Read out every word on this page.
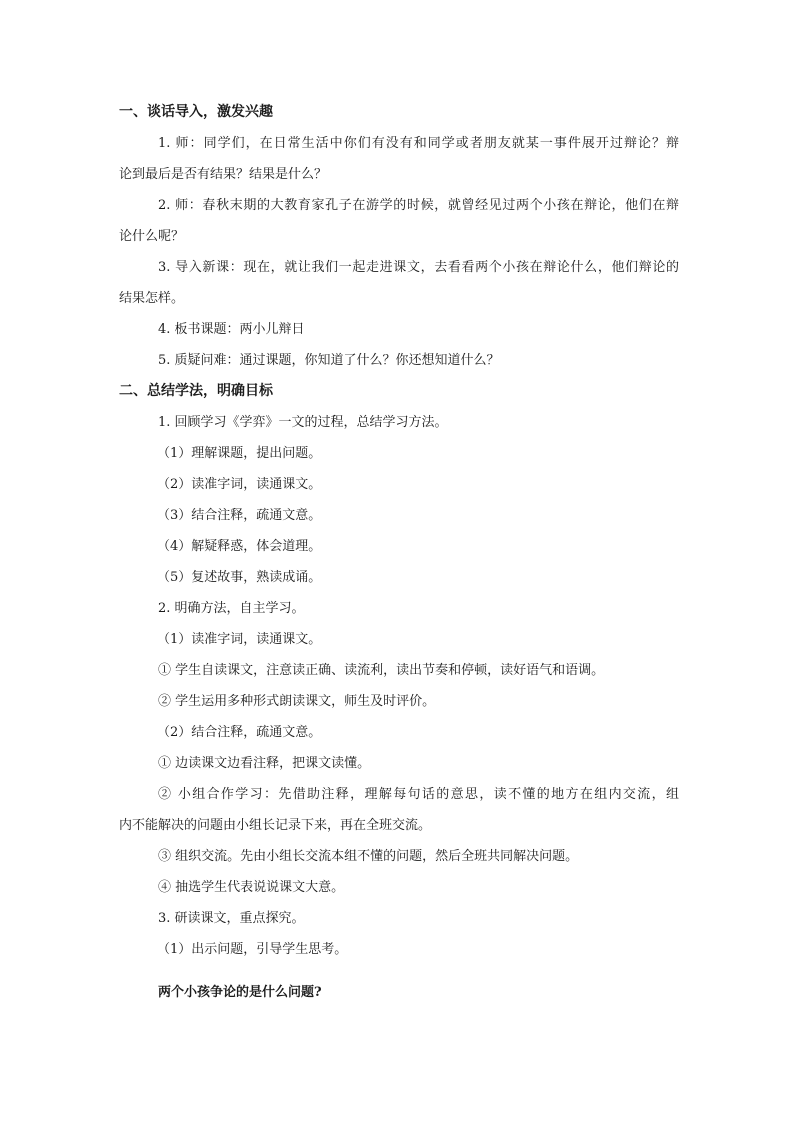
一、谈话导入，激发兴趣
1. 师：同学们，在日常生活中你们有没有和同学或者朋友就某一事件展开过辩论？辩
论到最后是否有结果？结果是什么？
2. 师：春秋末期的大教育家孔子在游学的时候，就曾经见过两个小孩在辩论，他们在辩
论什么呢？
3. 导入新课：现在，就让我们一起走进课文，去看看两个小孩在辩论什么，他们辩论的
结果怎样。
4. 板书课题：两小儿辩日
5. 质疑问难：通过课题，你知道了什么？你还想知道什么？
二、总结学法，明确目标
1. 回顾学习《学弈》一文的过程，总结学习方法。
（1）理解课题，提出问题。
（2）读准字词，读通课文。
（3）结合注释，疏通文意。
（4）解疑释惑，体会道理。
（5）复述故事，熟读成诵。
2. 明确方法，自主学习。
（1）读准字词，读通课文。
① 学生自读课文，注意读正确、读流利，读出节奏和停顿，读好语气和语调。
② 学生运用多种形式朗读课文，师生及时评价。
（2）结合注释，疏通文意。
① 边读课文边看注释，把课文读懂。
② 小组合作学习：先借助注释，理解每句话的意思，读不懂的地方在组内交流，组
内不能解决的问题由小组长记录下来，再在全班交流。
③ 组织交流。先由小组长交流本组不懂的问题，然后全班共同解决问题。
④ 抽选学生代表说说课文大意。
3. 研读课文，重点探究。
（1）出示问题，引导学生思考。
两个小孩争论的是什么问题?
